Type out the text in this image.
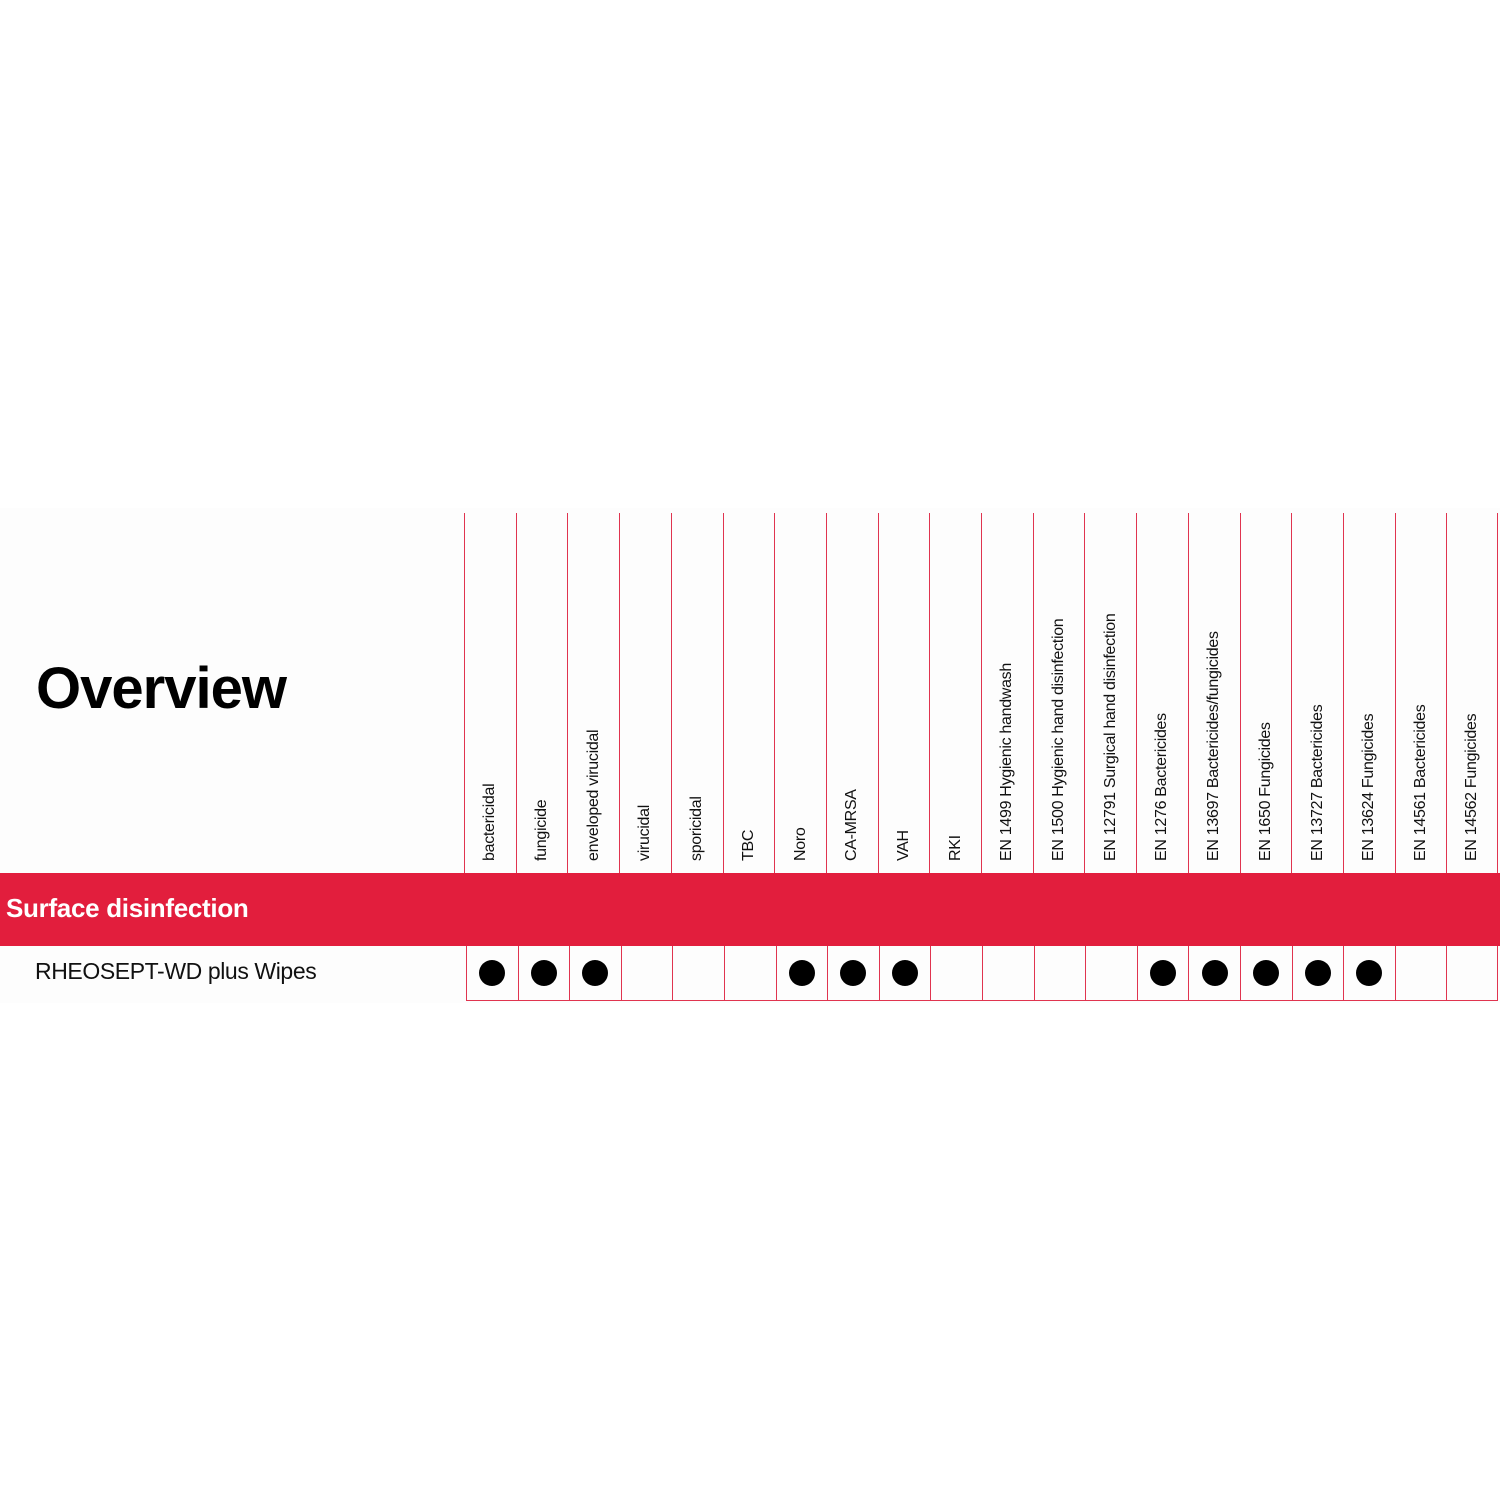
Overview
bactericidal fungicide enveloped virucidal virucidal sporicidal TBC Noro CA-MRSA VAH RKI EN 1499 Hygienic handwash EN 1500 Hygienic hand disinfection EN 12791 Surgical hand disinfection EN 1276 Bactericides EN 13697 Bactericides/fungicides EN 1650 Fungicides EN 13727 Bactericides EN 13624 Fungicides EN 14561 Bactericides EN 14562 Fungicides
Surface disinfection
RHEOSEPT-WD plus Wipes
